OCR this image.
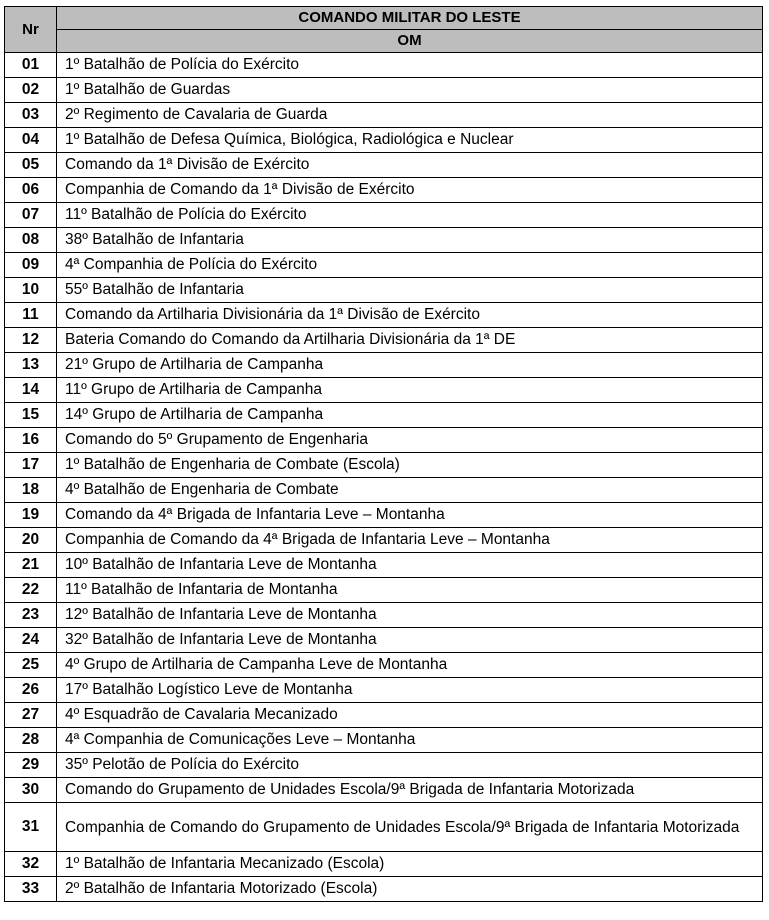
Nr	COMANDO MILITAR DO LESTE
	OM
01	1º Batalhão de Polícia do Exército
02	1º Batalhão de Guardas
03	2º Regimento de Cavalaria de Guarda
04	1º Batalhão de Defesa Química, Biológica, Radiológica e Nuclear
05	Comando da 1ª Divisão de Exército
06	Companhia de Comando da 1ª Divisão de Exército
07	11º Batalhão de Polícia do Exército
08	38º Batalhão de Infantaria
09	4ª Companhia de Polícia do Exército
10	55º Batalhão de Infantaria
11	Comando da Artilharia Divisionária da 1ª Divisão de Exército
12	Bateria Comando do Comando da Artilharia Divisionária da 1ª DE
13	21º Grupo de Artilharia de Campanha
14	11º Grupo de Artilharia de Campanha
15	14º Grupo de Artilharia de Campanha
16	Comando do 5º Grupamento de Engenharia
17	1º Batalhão de Engenharia de Combate (Escola)
18	4º Batalhão de Engenharia de Combate
19	Comando da 4ª Brigada de Infantaria Leve – Montanha
20	Companhia de Comando da 4ª Brigada de Infantaria Leve – Montanha
21	10º Batalhão de Infantaria Leve de Montanha
22	11º Batalhão de Infantaria de Montanha
23	12º Batalhão de Infantaria Leve de Montanha
24	32º Batalhão de Infantaria Leve de Montanha
25	4º Grupo de Artilharia de Campanha Leve de Montanha
26	17º Batalhão Logístico Leve de Montanha
27	4º Esquadrão de Cavalaria Mecanizado
28	4ª Companhia de Comunicações Leve – Montanha
29	35º Pelotão de Polícia do Exército
30	Comando do Grupamento de Unidades Escola/9ª Brigada de Infantaria Motorizada
31	Companhia de Comando do Grupamento de Unidades Escola/9ª Brigada de Infantaria Motorizada
32	1º Batalhão de Infantaria Mecanizado (Escola)
33	2º Batalhão de Infantaria Motorizado (Escola)
